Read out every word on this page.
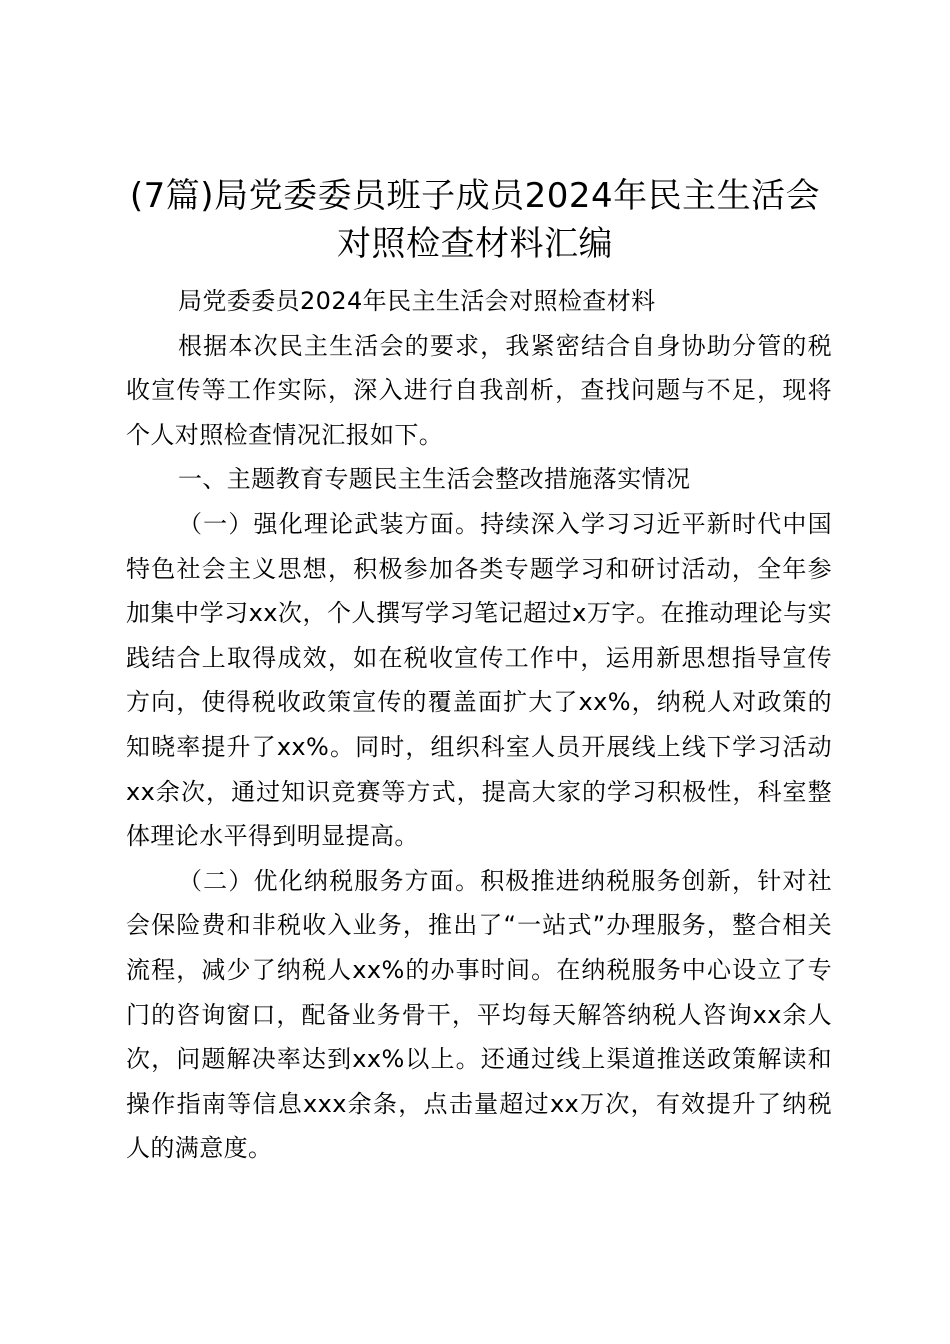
(7篇)局党委委员班子成员2024年民主生活会对照检查材料汇编

局党委委员2024年民主生活会对照检查材料

根据本次民主生活会的要求，我紧密结合自身协助分管的税收宣传等工作实际，深入进行自我剖析，查找问题与不足，现将个人对照检查情况汇报如下。

一、主题教育专题民主生活会整改措施落实情况

（一）强化理论武装方面。持续深入学习习近平新时代中国特色社会主义思想，积极参加各类专题学习和研讨活动，全年参加集中学习xx次，个人撰写学习笔记超过x万字。在推动理论与实践结合上取得成效，如在税收宣传工作中，运用新思想指导宣传方向，使得税收政策宣传的覆盖面扩大了xx%，纳税人对政策的知晓率提升了xx%。同时，组织科室人员开展线上线下学习活动xx余次，通过知识竞赛等方式，提高大家的学习积极性，科室整体理论水平得到明显提高。

（二）优化纳税服务方面。积极推进纳税服务创新，针对社会保险费和非税收入业务，推出了“一站式”办理服务，整合相关流程，减少了纳税人xx%的办事时间。在纳税服务中心设立了专门的咨询窗口，配备业务骨干，平均每天解答纳税人咨询xx余人次，问题解决率达到xx%以上。还通过线上渠道推送政策解读和操作指南等信息xxx余条，点击量超过xx万次，有效提升了纳税人的满意度。
